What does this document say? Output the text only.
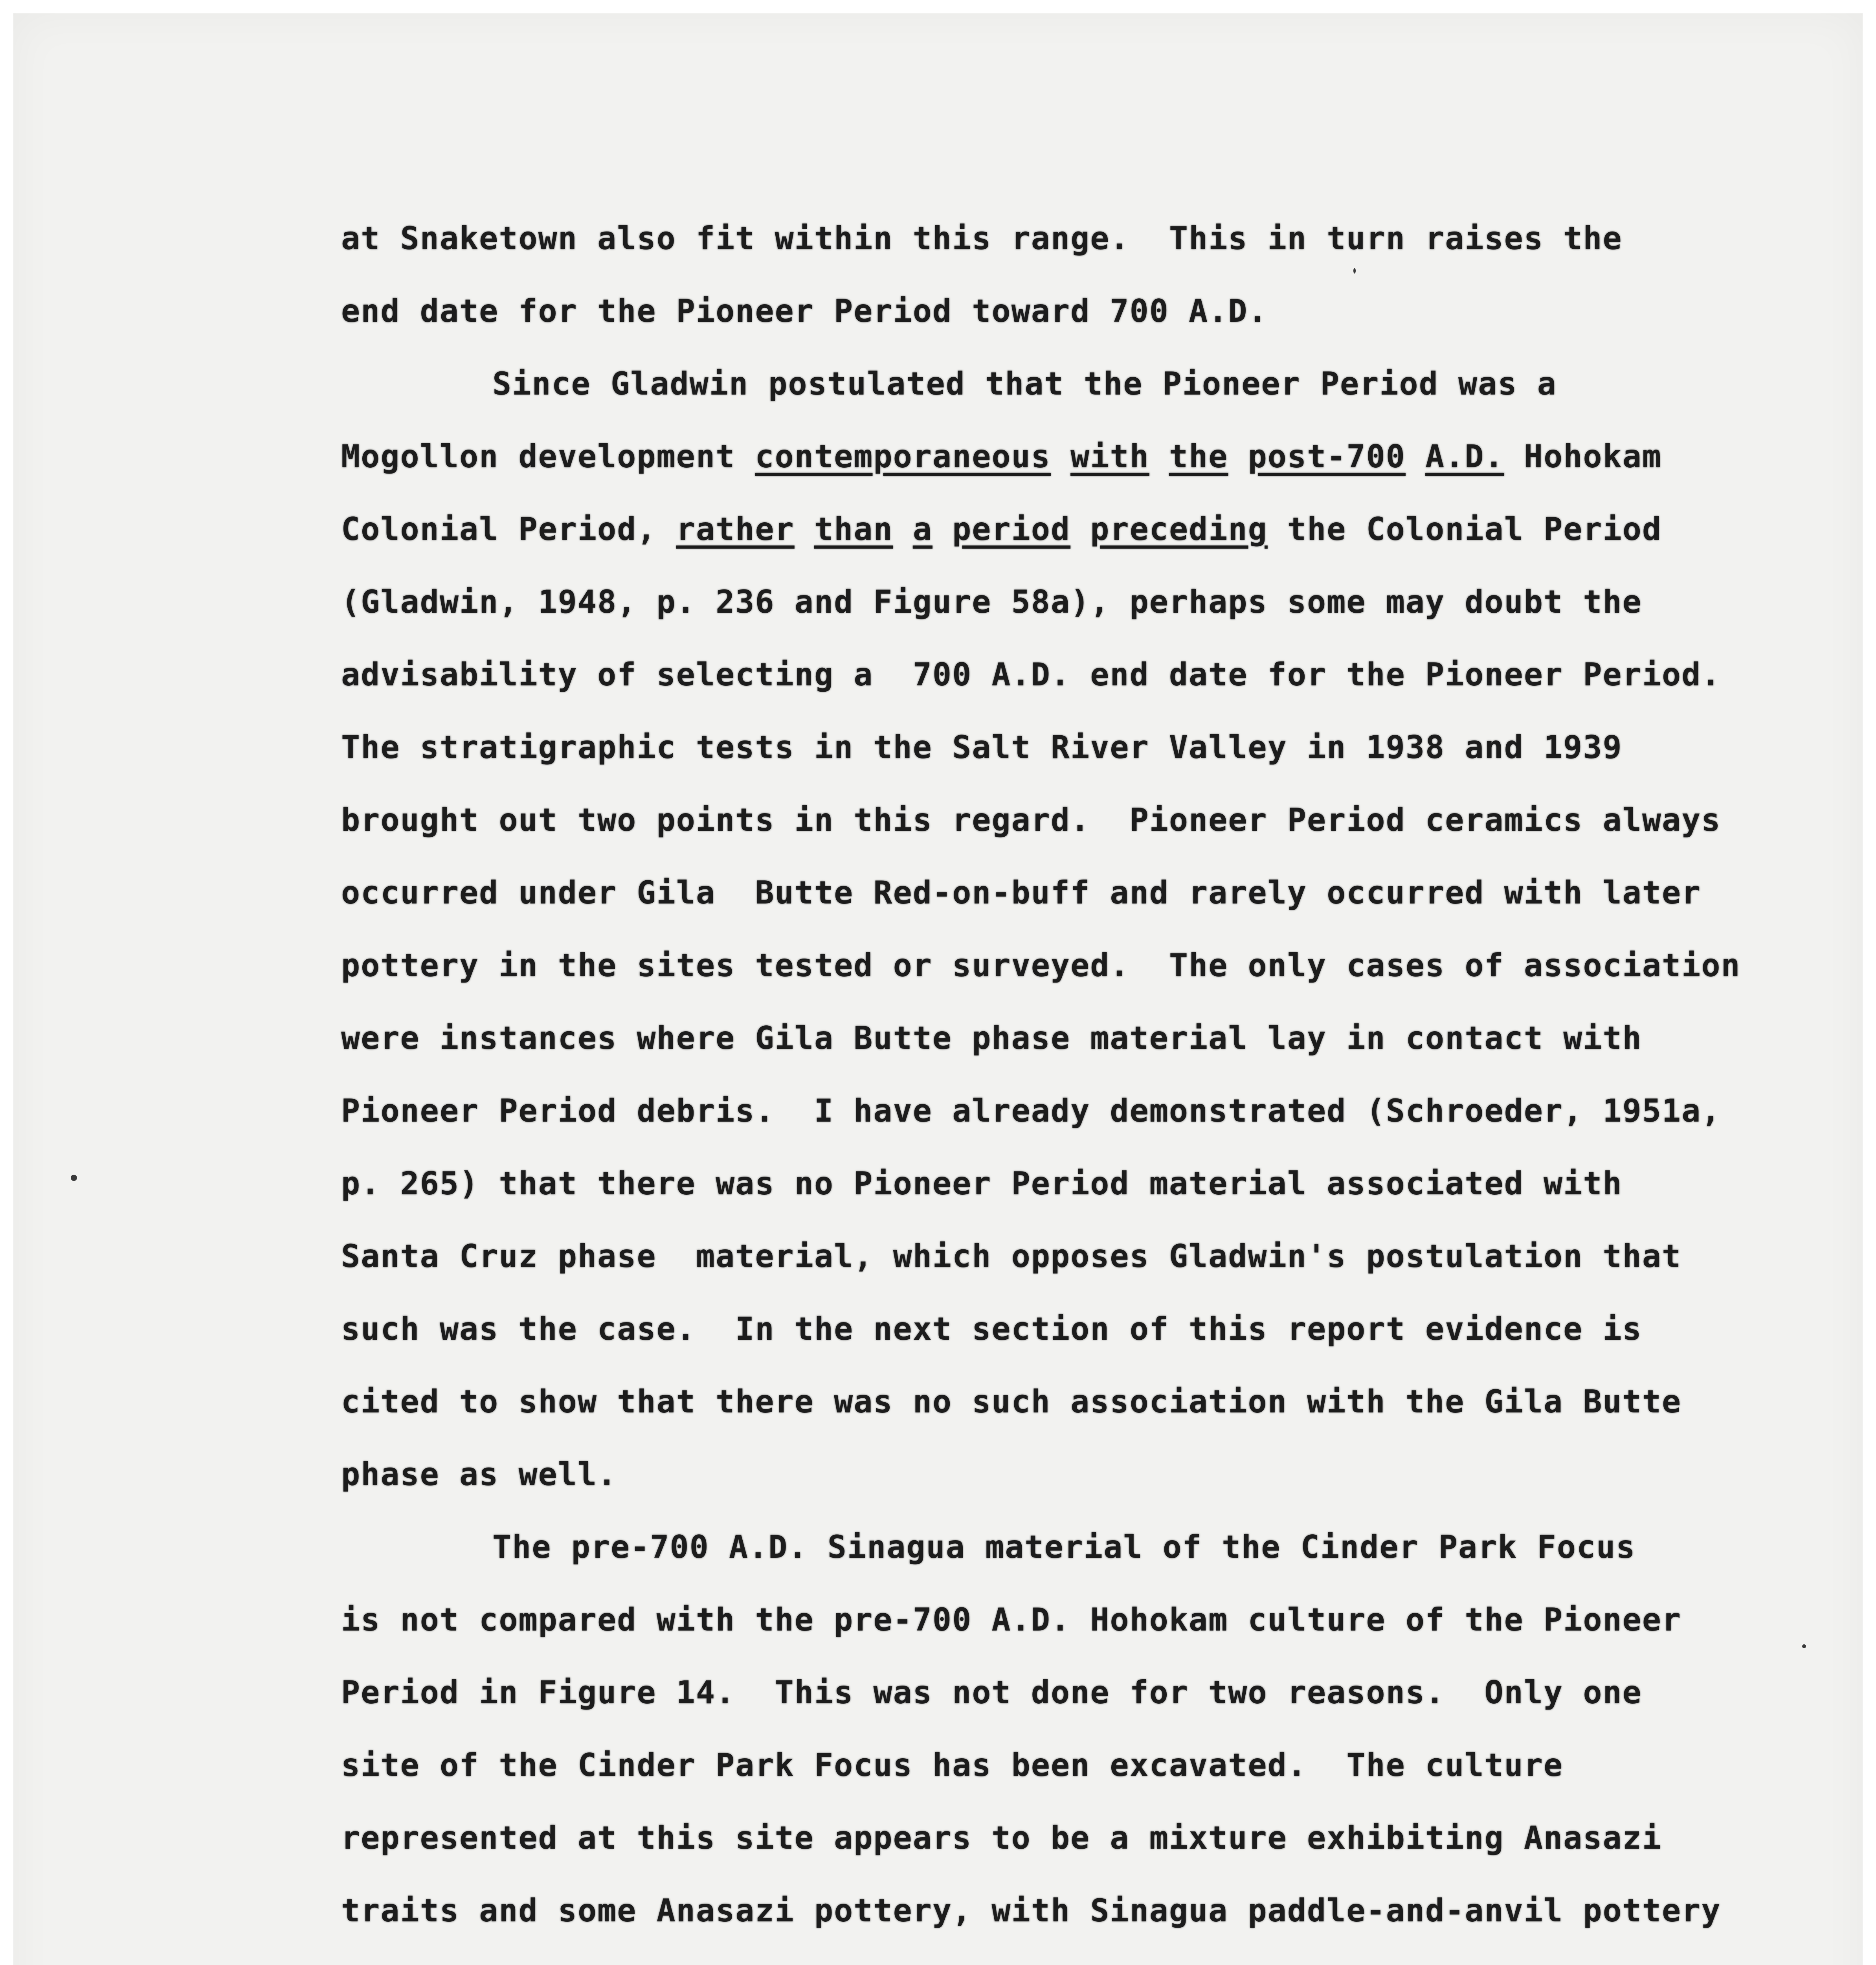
at Snaketown also fit within this range.  This in turn raises the
end date for the Pioneer Period toward 700 A.D.
Since Gladwin postulated that the Pioneer Period was a
Mogollon development contemporaneous with the post-700 A.D. Hohokam
Colonial Period, rather than a period preceding the Colonial Period
(Gladwin, 1948, p. 236 and Figure 58a), perhaps some may doubt the
advisability of selecting a  700 A.D. end date for the Pioneer Period.
The stratigraphic tests in the Salt River Valley in 1938 and 1939
brought out two points in this regard.  Pioneer Period ceramics always
occurred under Gila  Butte Red-on-buff and rarely occurred with later
pottery in the sites tested or surveyed.  The only cases of association
were instances where Gila Butte phase material lay in contact with
Pioneer Period debris.  I have already demonstrated (Schroeder, 1951a,
p. 265) that there was no Pioneer Period material associated with
Santa Cruz phase  material, which opposes Gladwin's postulation that
such was the case.  In the next section of this report evidence is
cited to show that there was no such association with the Gila Butte
phase as well.
The pre-700 A.D. Sinagua material of the Cinder Park Focus
is not compared with the pre-700 A.D. Hohokam culture of the Pioneer
Period in Figure 14.  This was not done for two reasons.  Only one
site of the Cinder Park Focus has been excavated.  The culture
represented at this site appears to be a mixture exhibiting Anasazi
traits and some Anasazi pottery, with Sinagua paddle-and-anvil pottery
